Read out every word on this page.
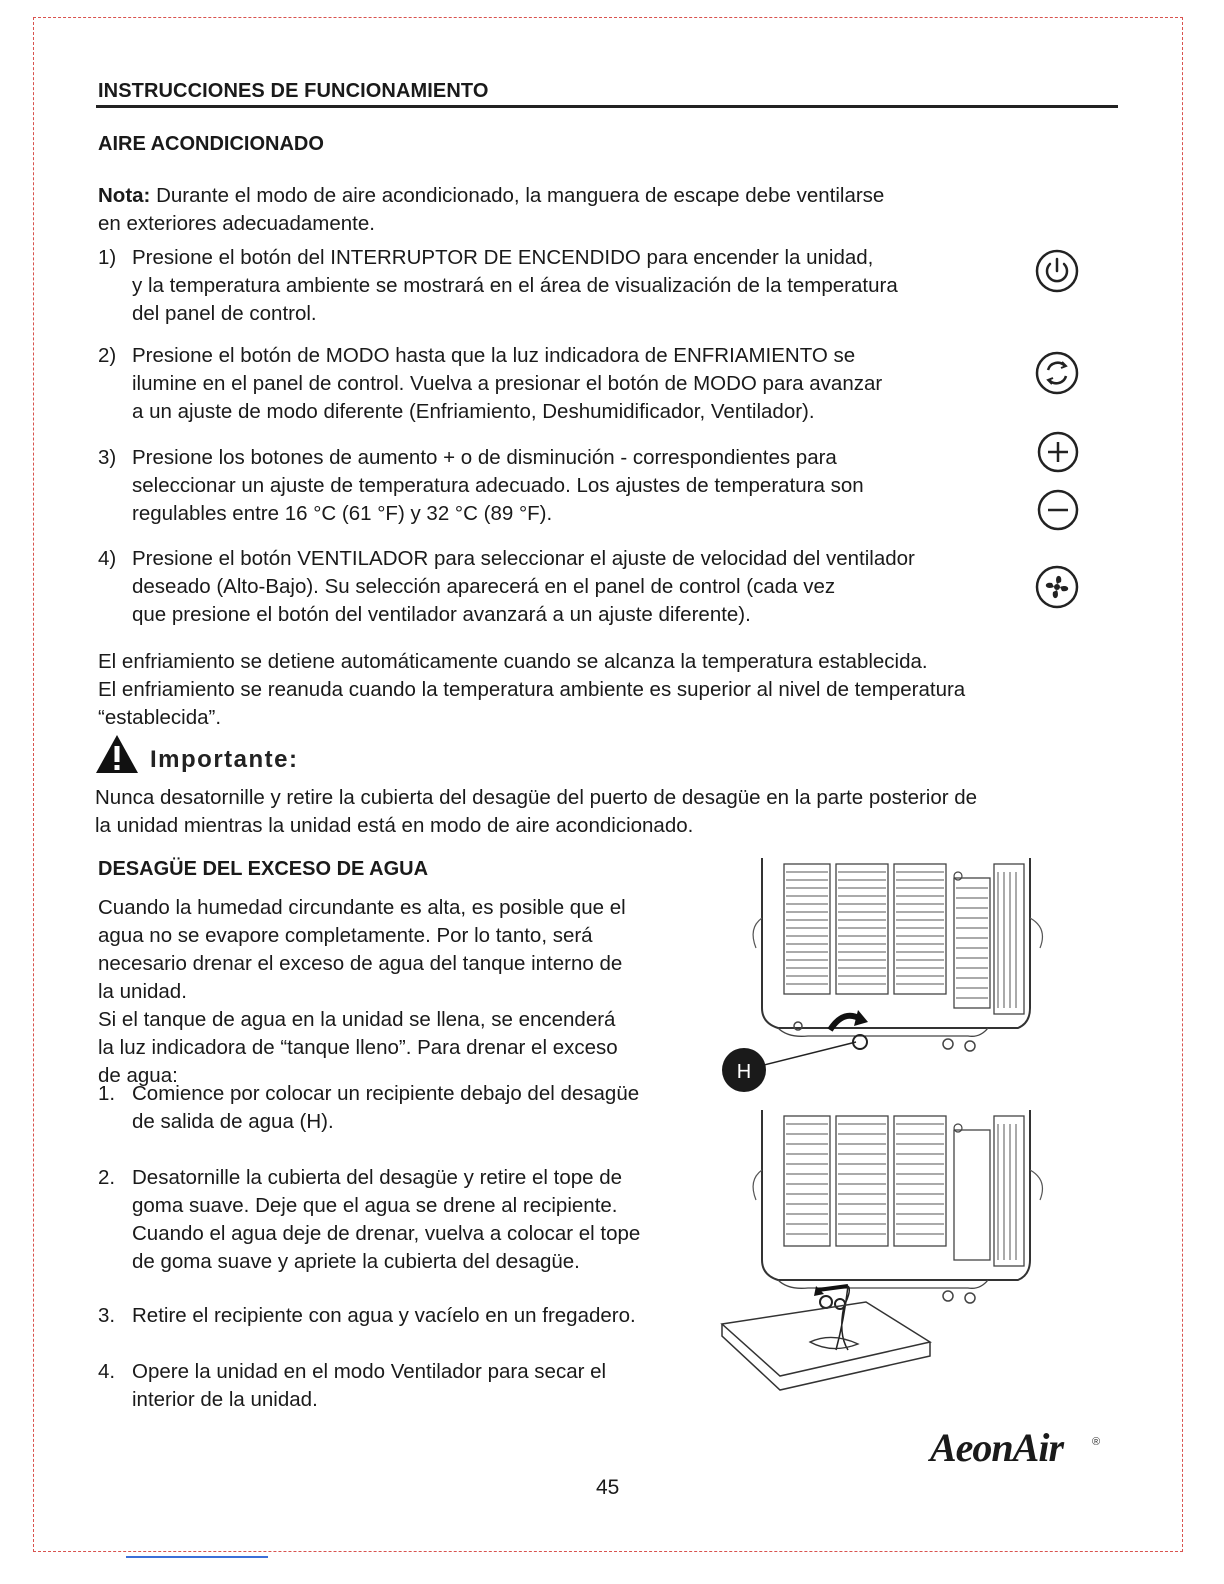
INSTRUCCIONES DE FUNCIONAMIENTO
AIRE ACONDICIONADO
Nota: Durante el modo de aire acondicionado, la manguera de escape debe ventilarse
en exteriores adecuadamente.
1) Presione el botón del INTERRUPTOR DE ENCENDIDO para encender la unidad,
y la temperatura ambiente se mostrará en el área de visualización de la temperatura
del panel de control.
2) Presione el botón de MODO hasta que la luz indicadora de ENFRIAMIENTO se
ilumine en el panel de control. Vuelva a presionar el botón de MODO para avanzar
a un ajuste de modo diferente (Enfriamiento, Deshumidificador, Ventilador).
3) Presione los botones de aumento + o de disminución - correspondientes para
seleccionar un ajuste de temperatura adecuado. Los ajustes de temperatura son
regulables entre 16 °C (61 °F) y 32 °C (89 °F).
4) Presione el botón VENTILADOR para seleccionar el ajuste de velocidad del ventilador
deseado (Alto-Bajo). Su selección aparecerá en el panel de control (cada vez
que presione el botón del ventilador avanzará a un ajuste diferente).
El enfriamiento se detiene automáticamente cuando se alcanza la temperatura establecida.
El enfriamiento se reanuda cuando la temperatura ambiente es superior al nivel de temperatura
“establecida”.
Importante:
Nunca desatornille y retire la cubierta del desagüe del puerto de desagüe en la parte posterior de
la unidad mientras la unidad está en modo de aire acondicionado.
DESAGÜE DEL EXCESO DE AGUA
Cuando la humedad circundante es alta, es posible que el
agua no se evapore completamente. Por lo tanto, será
necesario drenar el exceso de agua del tanque interno de
la unidad.
Si el tanque de agua en la unidad se llena, se encenderá
la luz indicadora de “tanque lleno”. Para drenar el exceso
de agua:
1. Comience por colocar un recipiente debajo del desagüe
de salida de agua (H).
2. Desatornille la cubierta del desagüe y retire el tope de
goma suave. Deje que el agua se drene al recipiente.
Cuando el agua deje de drenar, vuelva a colocar el tope
de goma suave y apriete la cubierta del desagüe.
3. Retire el recipiente con agua y vacíelo en un fregadero.
4. Opere la unidad en el modo Ventilador para secar el
interior de la unidad.
H
AeonAir	®
45
